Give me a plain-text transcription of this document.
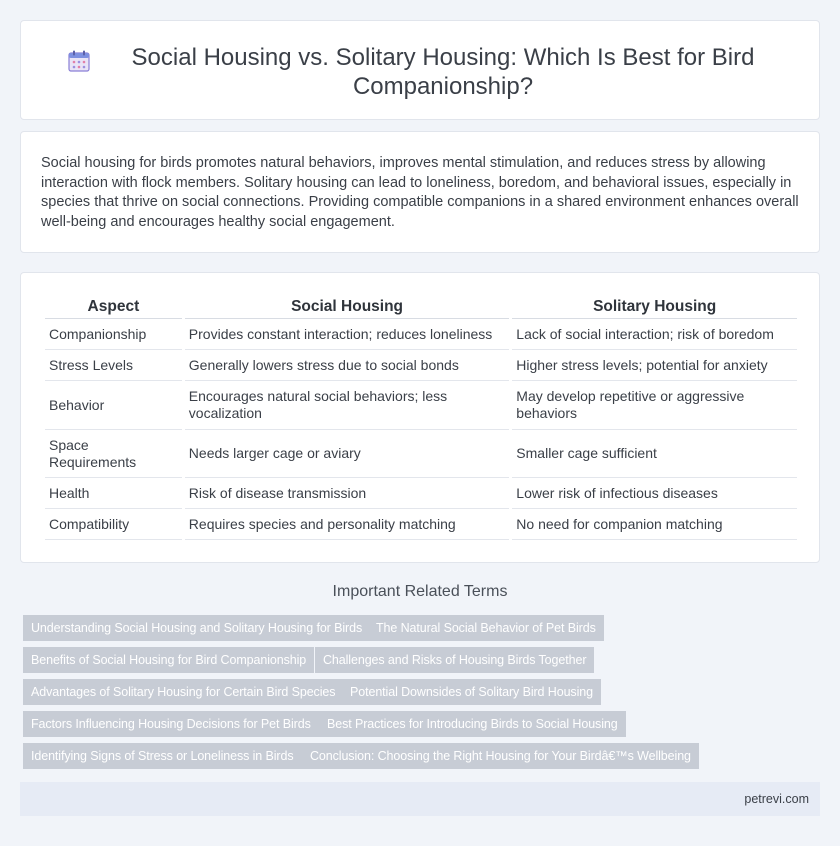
Social Housing vs. Solitary Housing: Which Is Best for Bird Companionship?

Social housing for birds promotes natural behaviors, improves mental stimulation, and reduces stress by allowing interaction with flock members. Solitary housing can lead to loneliness, boredom, and behavioral issues, especially in species that thrive on social connections. Providing compatible companions in a shared environment enhances overall well-being and encourages healthy social engagement.

Aspect	Social Housing	Solitary Housing
Companionship	Provides constant interaction; reduces loneliness	Lack of social interaction; risk of boredom
Stress Levels	Generally lowers stress due to social bonds	Higher stress levels; potential for anxiety
Behavior	Encourages natural social behaviors; less vocalization	May develop repetitive or aggressive behaviors
Space Requirements	Needs larger cage or aviary	Smaller cage sufficient
Health	Risk of disease transmission	Lower risk of infectious diseases
Compatibility	Requires species and personality matching	No need for companion matching
Important Related Terms
Understanding Social Housing and Solitary Housing for Birds	The Natural Social Behavior of Pet Birds
Benefits of Social Housing for Bird Companionship	Challenges and Risks of Housing Birds Together
Advantages of Solitary Housing for Certain Bird Species	Potential Downsides of Solitary Bird Housing
Factors Influencing Housing Decisions for Pet Birds	Best Practices for Introducing Birds to Social Housing
Identifying Signs of Stress or Loneliness in Birds	Conclusion: Choosing the Right Housing for Your Birdâ€™s Wellbeing
petrevi.com
